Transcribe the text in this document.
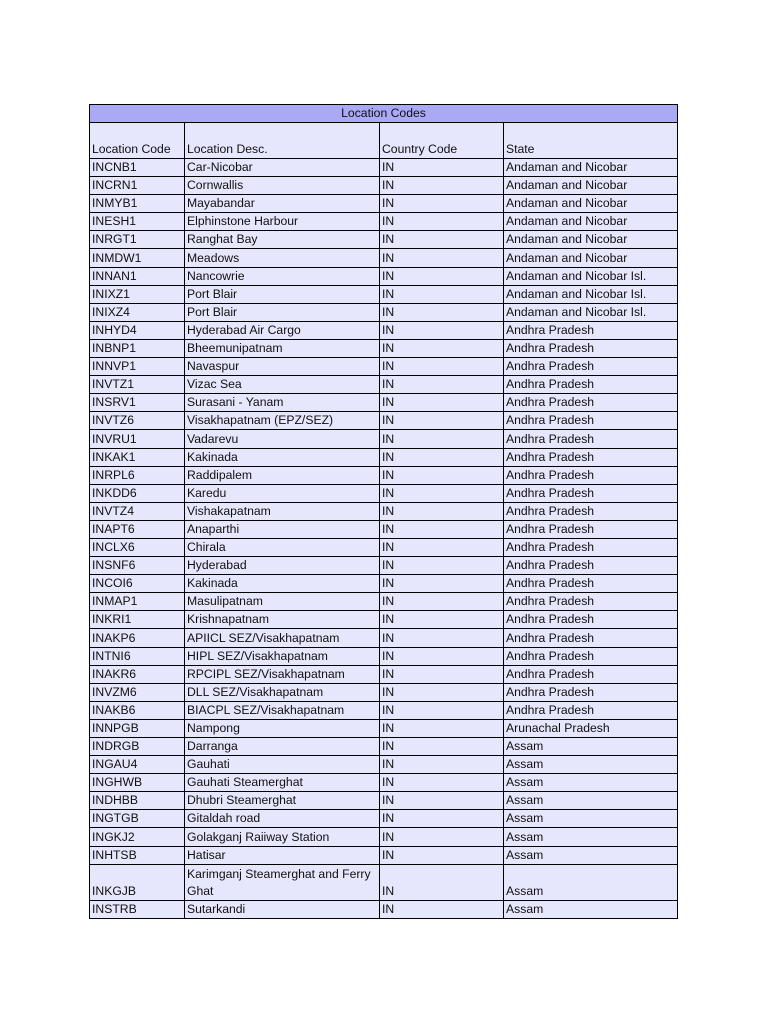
Location Codes			
Location Code	Location Desc.	Country Code	State
INCNB1	Car-Nicobar	IN	Andaman and Nicobar
INCRN1	Cornwallis	IN	Andaman and Nicobar
INMYB1	Mayabandar	IN	Andaman and Nicobar
INESH1	Elphinstone Harbour	IN	Andaman and Nicobar
INRGT1	Ranghat Bay	IN	Andaman and Nicobar
INMDW1	Meadows	IN	Andaman and Nicobar
INNAN1	Nancowrie	IN	Andaman and Nicobar Isl.
INIXZ1	Port Blair	IN	Andaman and Nicobar Isl.
INIXZ4	Port Blair	IN	Andaman and Nicobar Isl.
INHYD4	Hyderabad Air Cargo	IN	Andhra Pradesh
INBNP1	Bheemunipatnam	IN	Andhra Pradesh
INNVP1	Navaspur	IN	Andhra Pradesh
INVTZ1	Vizac Sea	IN	Andhra Pradesh
INSRV1	Surasani - Yanam	IN	Andhra Pradesh
INVTZ6	Visakhapatnam (EPZ/SEZ)	IN	Andhra Pradesh
INVRU1	Vadarevu	IN	Andhra Pradesh
INKAK1	Kakinada	IN	Andhra Pradesh
INRPL6	Raddipalem	IN	Andhra Pradesh
INKDD6	Karedu	IN	Andhra Pradesh
INVTZ4	Vishakapatnam	IN	Andhra Pradesh
INAPT6	Anaparthi	IN	Andhra Pradesh
INCLX6	Chirala	IN	Andhra Pradesh
INSNF6	Hyderabad	IN	Andhra Pradesh
INCOI6	Kakinada	IN	Andhra Pradesh
INMAP1	Masulipatnam	IN	Andhra Pradesh
INKRI1	Krishnapatnam	IN	Andhra Pradesh
INAKP6	APIICL SEZ/Visakhapatnam	IN	Andhra Pradesh
INTNI6	HIPL SEZ/Visakhapatnam	IN	Andhra Pradesh
INAKR6	RPCIPL SEZ/Visakhapatnam	IN	Andhra Pradesh
INVZM6	DLL SEZ/Visakhapatnam	IN	Andhra Pradesh
INAKB6	BIACPL SEZ/Visakhapatnam	IN	Andhra Pradesh
INNPGB	Nampong	IN	Arunachal Pradesh
INDRGB	Darranga	IN	Assam
INGAU4	Gauhati	IN	Assam
INGHWB	Gauhati Steamerghat	IN	Assam
INDHBB	Dhubri Steamerghat	IN	Assam
INGTGB	Gitaldah road	IN	Assam
INGKJ2	Golakganj Raiiway Station	IN	Assam
INHTSB	Hatisar	IN	Assam
INKGJB	Karimganj Steamerghat and Ferry Ghat	IN	Assam
INSTRB	Sutarkandi	IN	Assam
